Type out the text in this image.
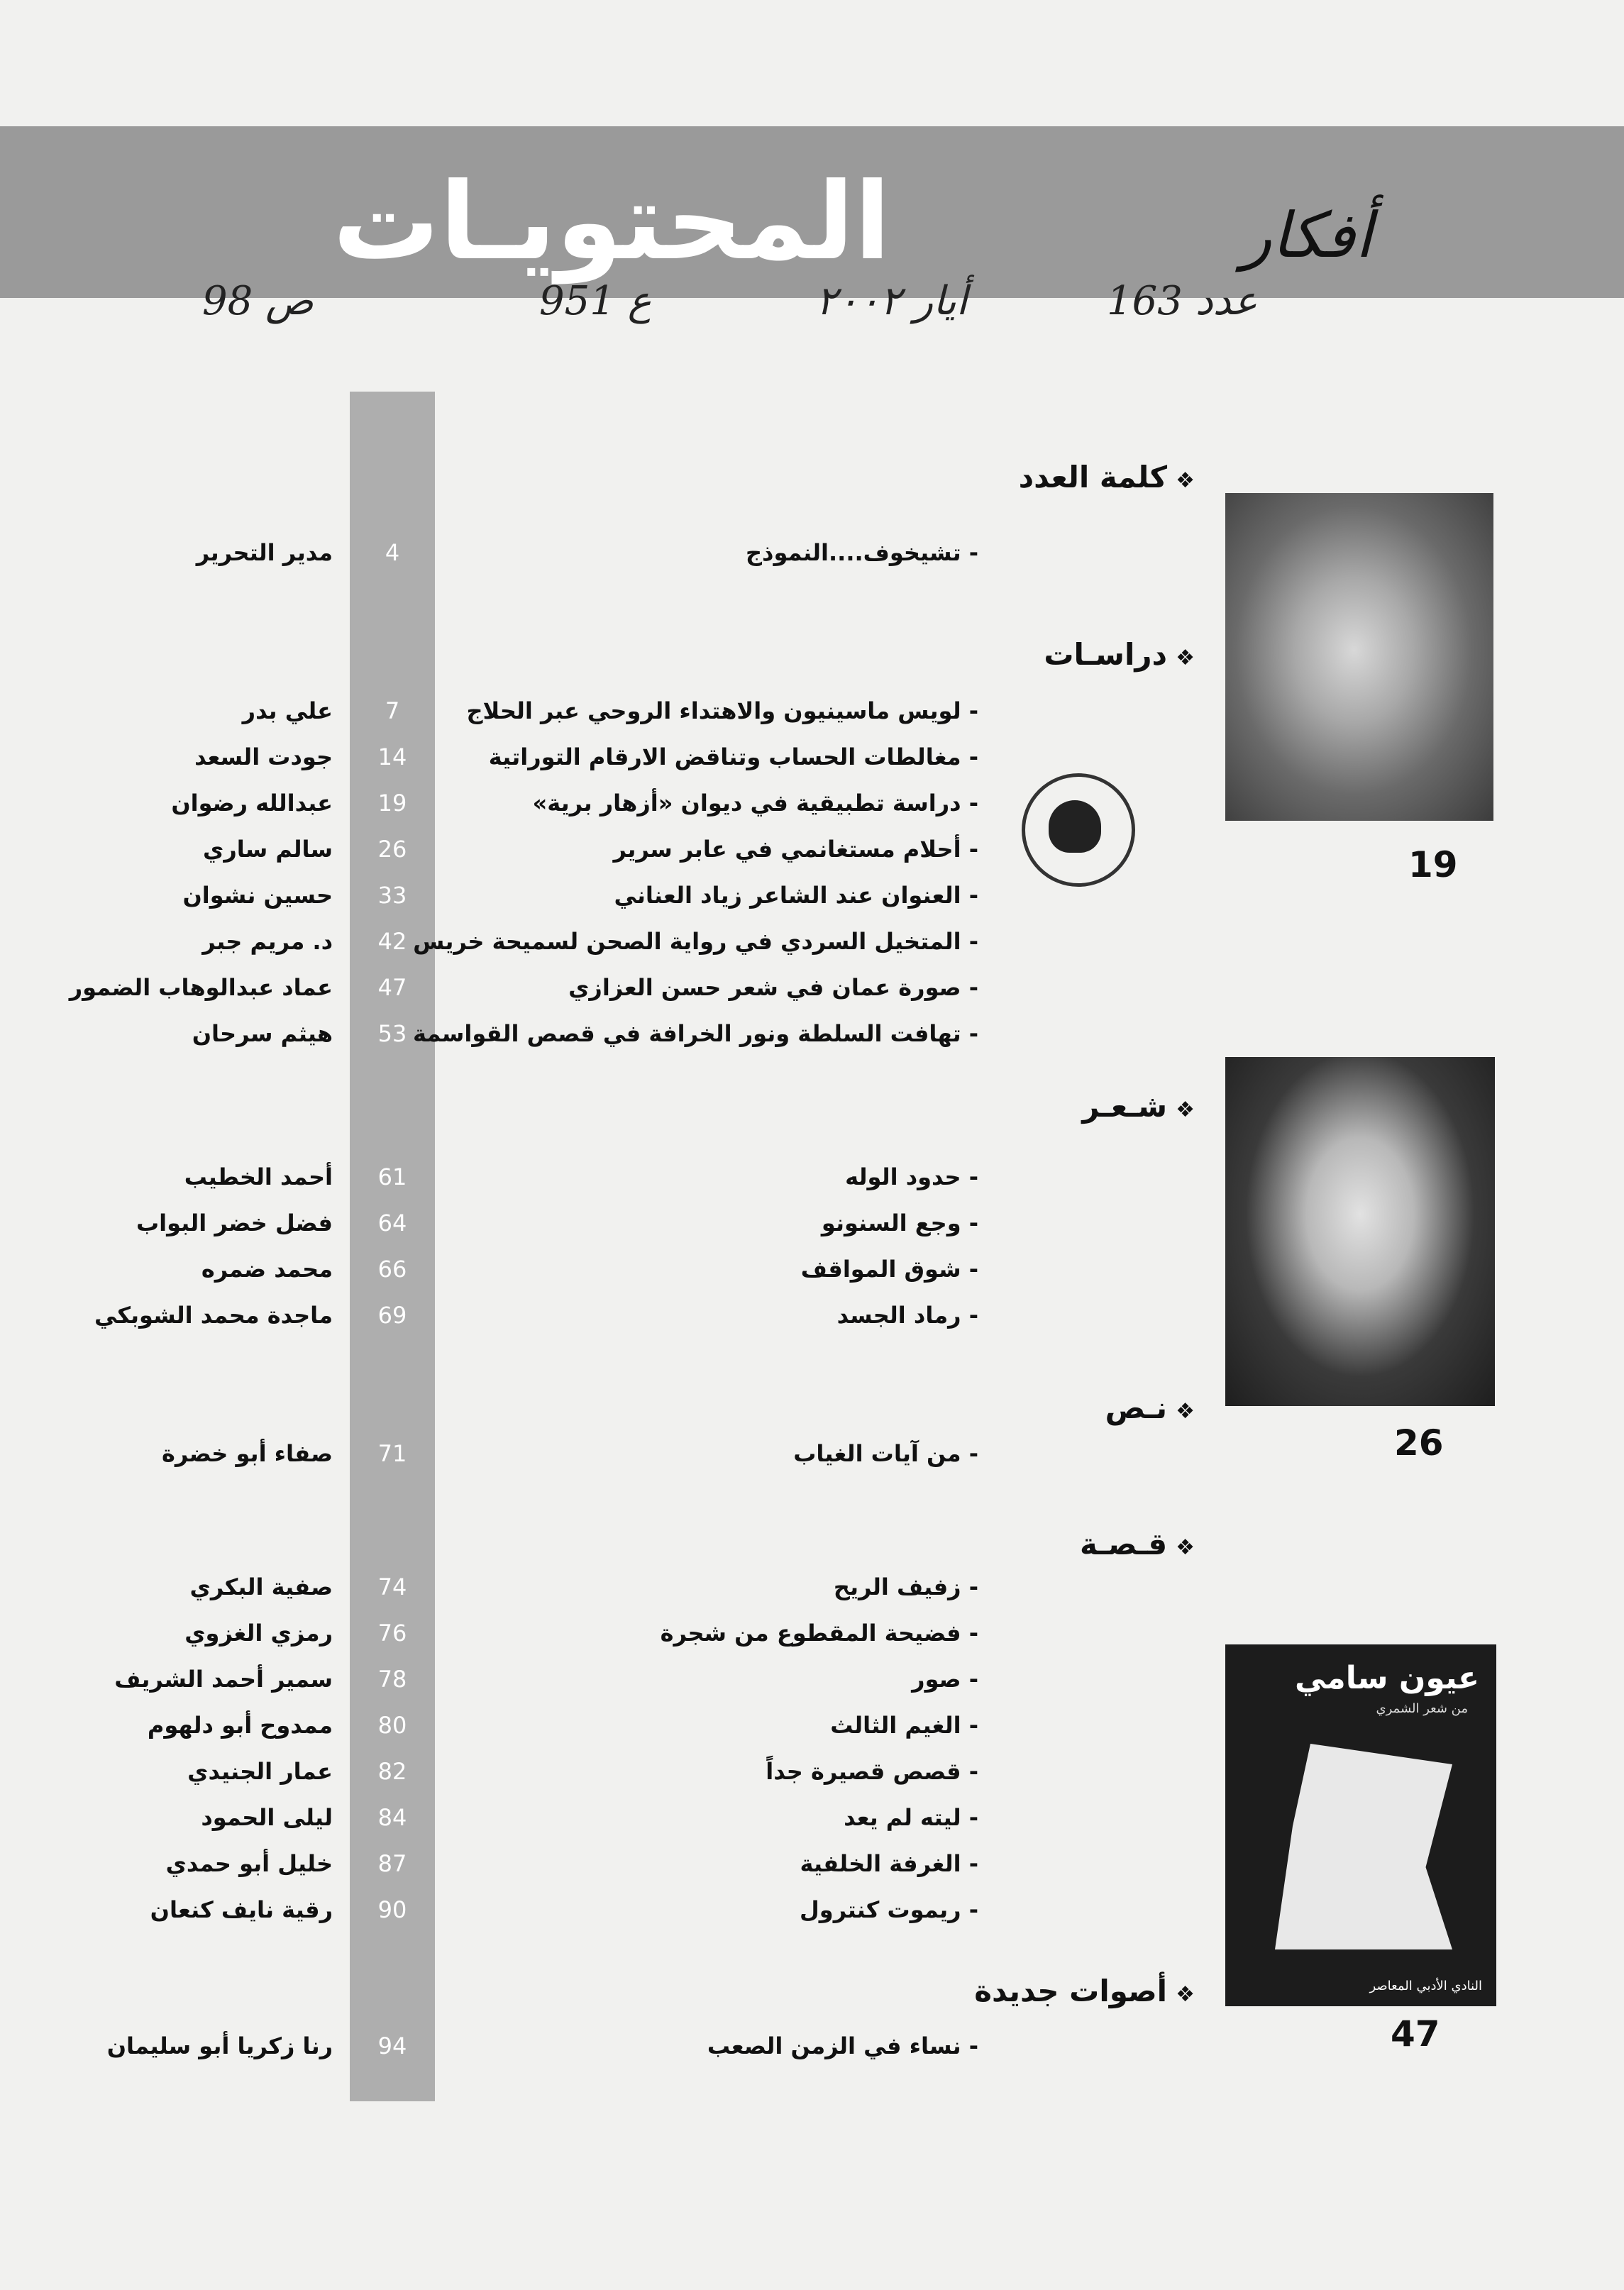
المحتويـات	أفكار
ﻋﺪﺩ 163
أيار ٢٠٠٢
ع 951
ص 98
❖كلمة العدد
❖دراسـات
❖شـعـر
❖نـص
❖قـصـة
❖أصوات جديدة
- تشيخوف....النموذج
4
مدير التحرير
- لويس ماسينيون والاهتداء الروحي عبر الحلاج
7
علي بدر
- مغالطات الحساب وتناقض الارقام التوراتية
14
جودت السعد
- دراسة تطبيقية في ديوان «أزهار برية»
19
عبدالله رضوان
- أحلام مستغانمي في عابر سرير
26
سالم ساري
- العنوان عند الشاعر زياد العناني
33
حسين نشوان
- المتخيل السردي في رواية الصحن لسميحة خريس
42
د. مريم جبر
- صورة عمان في شعر حسن العزازي
47
عماد عبدالوهاب الضمور
- تهافت السلطة ونور الخرافة في قصص القواسمة
53
هيثم سرحان
- حدود الوله
61
أحمد الخطيب
- وجع السنونو
64
فضل خضر البواب
- شوق المواقف
66
محمد ضمره
- رماد الجسد
69
ماجدة محمد الشوبكي
- من آيات الغياب
71
صفاء أبو خضرة
- زفيف الريح
74
صفية البكري
- فضيحة المقطوع من شجرة
76
رمزي الغزوي
- صور
78
سمير أحمد الشريف
- الغيم الثالث
80
ممدوح أبو دلهوم
- قصص قصيرة جداً
82
عمار الجنيدي
- ليته لم يعد
84
ليلى الحمود
- الغرفة الخلفية
87
خليل أبو حمدي
- ريموت كنترول
90
رقية نايف كنعان
- نساء في الزمن الصعب
94
رنا زكريا أبو سليمان
19
26
عيون سامي
من شعر الشمري
النادي الأدبي المعاصر
47
